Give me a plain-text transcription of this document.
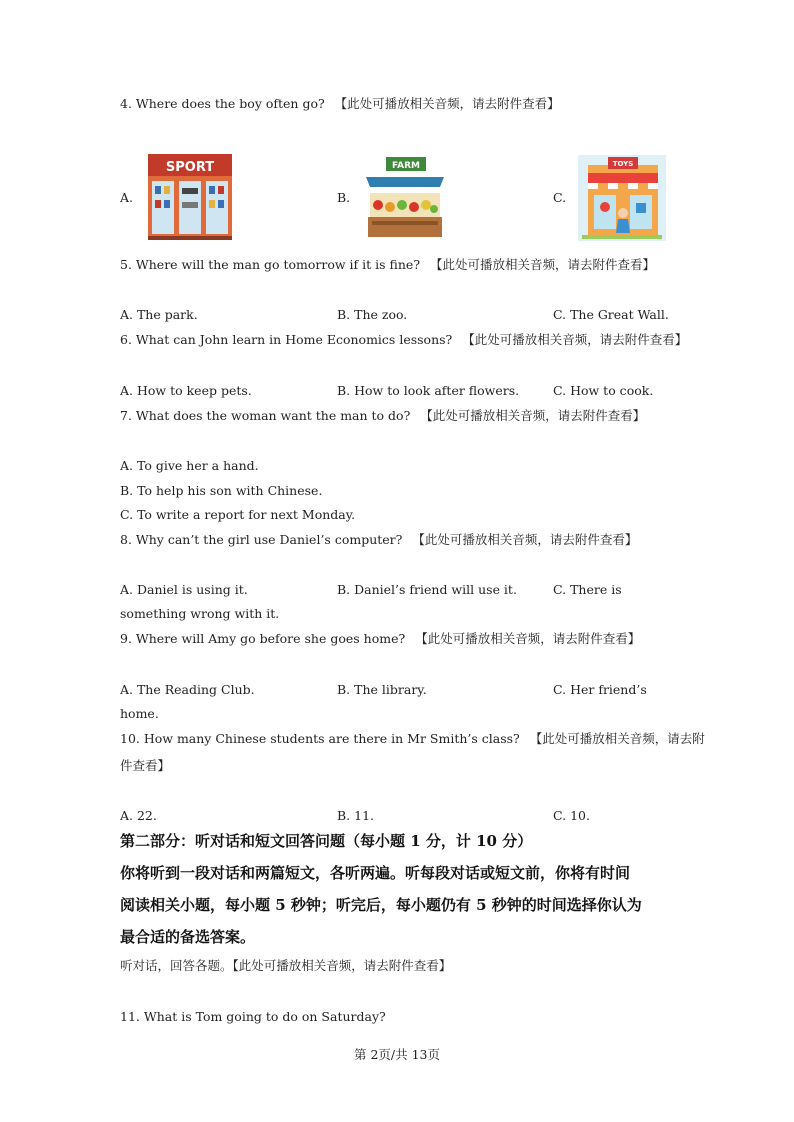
4. Where does the boy often go? 【此处可播放相关音频，请去附件查看】
A.	B.	C.
SPORT	FARM	TOYS
5. Where will the man go tomorrow if it is fine? 【此处可播放相关音频，请去附件查看】
A. The park.	B. The zoo.	C. The Great Wall.
6. What can John learn in Home Economics lessons? 【此处可播放相关音频，请去附件查看】
A. How to keep pets.	B. How to look after flowers.	C. How to cook.
7. What does the woman want the man to do? 【此处可播放相关音频，请去附件查看】
A. To give her a hand.
B. To help his son with Chinese.
C. To write a report for next Monday.
8. Why can’t the girl use Daniel’s computer? 【此处可播放相关音频，请去附件查看】
A. Daniel is using it.	B. Daniel’s friend will use it.	C. There is
something wrong with it.
9. Where will Amy go before she goes home? 【此处可播放相关音频，请去附件查看】
A. The Reading Club.	B. The library.	C. Her friend’s
home.
10. How many Chinese students are there in Mr Smith’s class? 【此处可播放相关音频，请去附
件查看】
A. 22.	B. 11.	C. 10.
第二部分：听对话和短文回答问题（每小题 1 分，计 10 分）
你将听到一段对话和两篇短文，各听两遍。听每段对话或短文前，你将有时间
阅读相关小题，每小题 5 秒钟；听完后，每小题仍有 5 秒钟的时间选择你认为
最合适的备选答案。
听对话，回答各题。【此处可播放相关音频，请去附件查看】
11. What is Tom going to do on Saturday?
第 2页/共 13页
